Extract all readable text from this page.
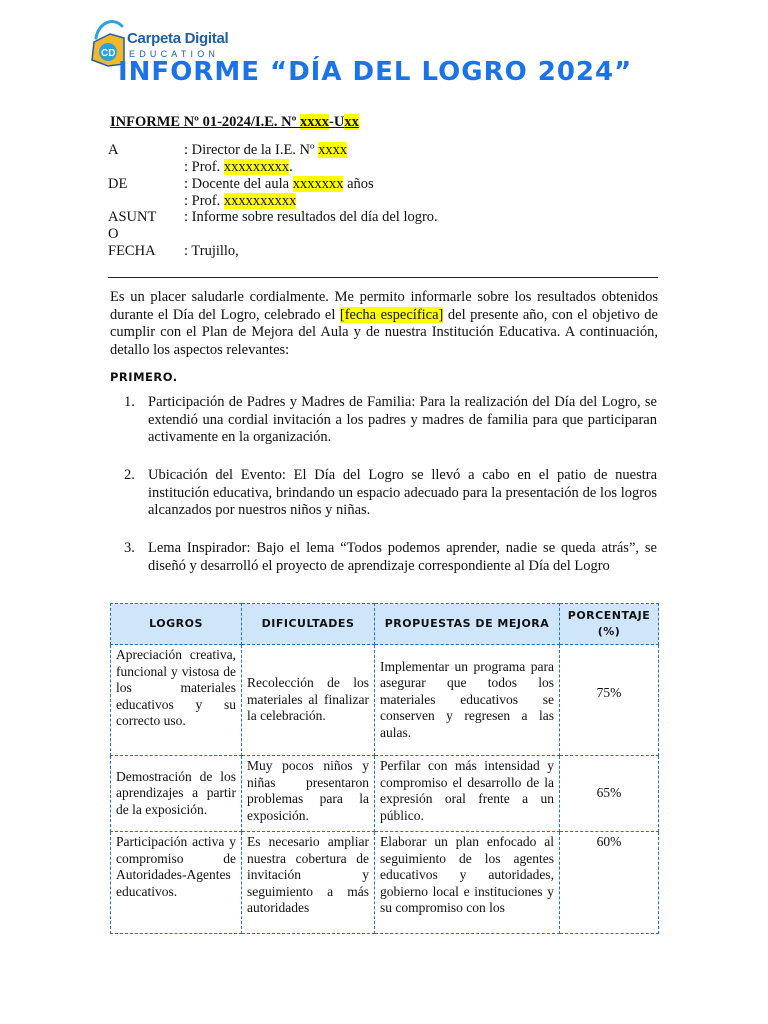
CD
Carpeta Digital
EDUCATION
INFORME “DÍA DEL LOGRO 2024”
INFORME Nº 01-2024/I.E. Nº xxxx-Uxx
A	: Director de la I.E. Nº xxxx
: Prof. xxxxxxxxx.
DE	: Docente del aula xxxxxxx años
: Prof. xxxxxxxxxx
ASUNT	: Informe sobre resultados del día del logro.
O
FECHA	: Trujillo,
Es un placer saludarle cordialmente. Me permito informarle sobre los resultados obtenidos durante el Día del Logro, celebrado el [fecha específica] del presente año, con el objetivo de cumplir con el Plan de Mejora del Aula y de nuestra Institución Educativa. A continuación, detallo los aspectos relevantes:
PRIMERO.
1. Participación de Padres y Madres de Familia: Para la realización del Día del Logro, se extendió una cordial invitación a los padres y madres de familia para que participaran activamente en la organización.
2. Ubicación del Evento: El Día del Logro se llevó a cabo en el patio de nuestra institución educativa, brindando un espacio adecuado para la presentación de los logros alcanzados por nuestros niños y niñas.
3. Lema Inspirador: Bajo el lema “Todos podemos aprender, nadie se queda atrás”, se diseñó y desarrolló el proyecto de aprendizaje correspondiente al Día del Logro
LOGROS	DIFICULTADES	PROPUESTAS DE MEJORA	PORCENTAJE (%)
Apreciación creativa, funcional y vistosa de los materiales educativos y su correcto uso.	Recolección de los materiales al finalizar la celebración.	Implementar un programa para asegurar que todos los materiales educativos se conserven y regresen a las aulas.	75%
Demostración de los aprendizajes a partir de la exposición.	Muy pocos niños y niñas presentaron problemas para la exposición.	Perfilar con más intensidad y compromiso el desarrollo de la expresión oral frente a un público.	65%
Participación activa y compromiso de Autoridades-Agentes educativos.	Es necesario ampliar nuestra cobertura de invitación y seguimiento a más autoridades	Elaborar un plan enfocado al seguimiento de los agentes educativos y autoridades, gobierno local e instituciones y su compromiso con los	60%
